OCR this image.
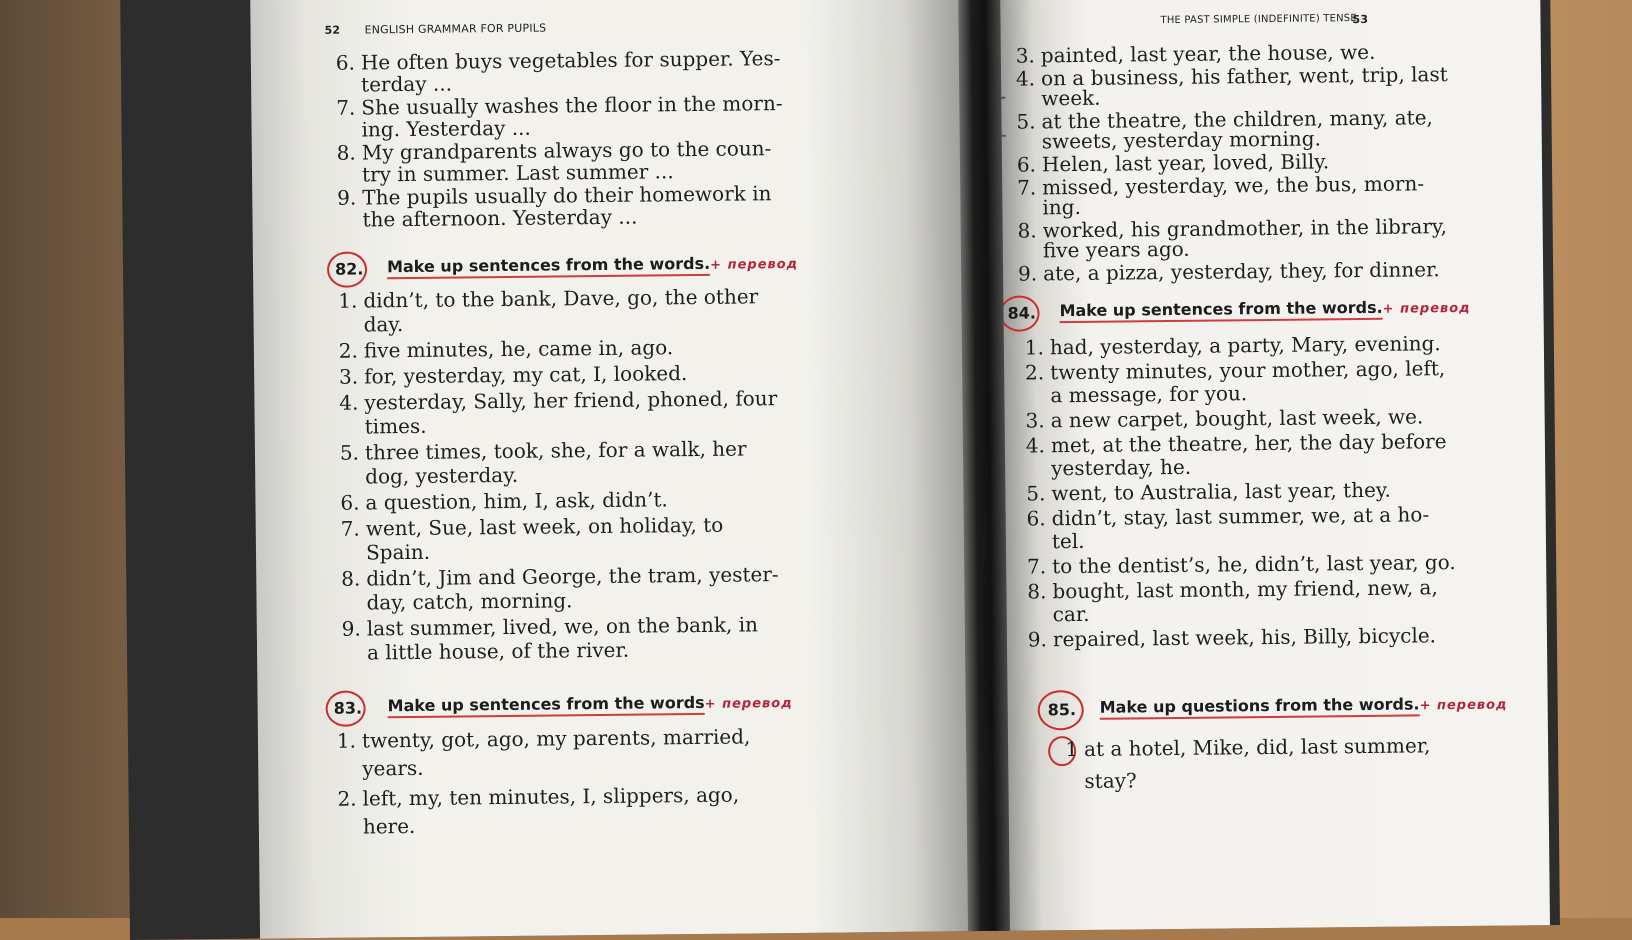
52 ENGLISH GRAMMAR FOR PUPILS
6. He often buys vegetables for supper. Yes-
terday ...
7. She usually washes the floor in the morn-
ing. Yesterday ...
8. My grandparents always go to the coun-
try in summer. Last summer ...
9. The pupils usually do their homework in
the afternoon. Yesterday ...
82. Make up sentences from the words.+ перевод
1. didn’t, to the bank, Dave, go, the other
day.
2. five minutes, he, came in, ago.
3. for, yesterday, my cat, I, looked.
4. yesterday, Sally, her friend, phoned, four
times.
5. three times, took, she, for a walk, her
dog, yesterday.
6. a question, him, I, ask, didn’t.
7. went, Sue, last week, on holiday, to
Spain.
8. didn’t, Jim and George, the tram, yester-
day, catch, morning.
9. last summer, lived, we, on the bank, in
a little house, of the river.
83. Make up sentences from the words+ перевод
1. twenty, got, ago, my parents, married,
years.
2. left, my, ten minutes, I, slippers, ago,
here.
THE PAST SIMPLE (INDEFINITE) TENSE
53
3. painted, last year, the house, we.
4. on a business, his father, went, trip, last
week.
5. at the theatre, the children, many, ate,
sweets, yesterday morning.
6. Helen, last year, loved, Billy.
7. missed, yesterday, we, the bus, morn-
ing.
8. worked, his grandmother, in the library,
five years ago.
9. ate, a pizza, yesterday, they, for dinner.
84. Make up sentences from the words.+ перевод
1. had, yesterday, a party, Mary, evening.
2. twenty minutes, your mother, ago, left,
a message, for you.
3. a new carpet, bought, last week, we.
4. met, at the theatre, her, the day before
yesterday, he.
5. went, to Australia, last year, they.
6. didn’t, stay, last summer, we, at a ho-
tel.
7. to the dentist’s, he, didn’t, last year, go.
8. bought, last month, my friend, new, a,
car.
9. repaired, last week, his, Billy, bicycle.
85. Make up questions from the words.+ перевод
1 at a hotel, Mike, did, last summer,
stay?
